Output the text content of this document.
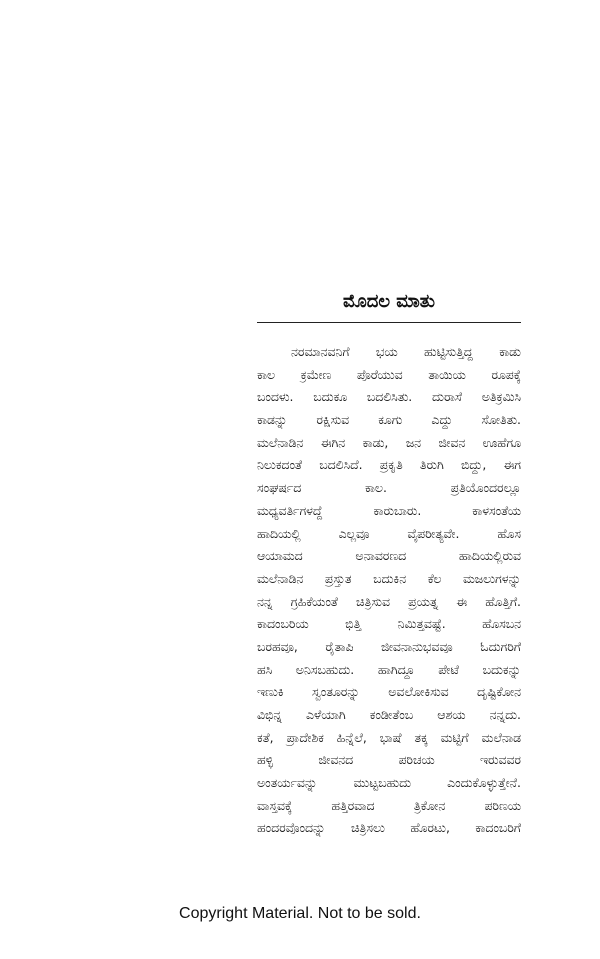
ಮೊದಲ ಮಾತು
ನರಮಾನವನಿಗೆ ಭಯ ಹುಟ್ಟಿಸುತ್ತಿದ್ದ ಕಾಡು
ಕಾಲ ಕ್ರಮೇಣ ಪೊರೆಯುವ ತಾಯಿಯ ರೂಪಕ್ಕೆ
ಬಂದಳು. ಬದುಕೂ ಬದಲಿಸಿತು. ದುರಾಸೆ ಅತಿಕ್ರಮಿಸಿ
ಕಾಡನ್ನು ರಕ್ಷಿಸುವ ಕೂಗು ಎದ್ದು ಸೋತಿತು.
ಮಲೆನಾಡಿನ ಈಗಿನ ಕಾಡು, ಜನ ಜೀವನ ಊಹೆಗೂ
ನಿಲುಕದಂತೆ ಬದಲಿಸಿದೆ. ಪ್ರಕೃತಿ ತಿರುಗಿ ಬಿದ್ದು, ಈಗ
ಸಂಘರ್ಷದ ಕಾಲ. ಪ್ರತಿಯೊಂದರಲ್ಲೂ
ಮಧ್ಯವರ್ತಿಗಳದ್ದೆ ಕಾರುಬಾರು. ಕಾಳಸಂತೆಯ
ಹಾದಿಯಲ್ಲಿ ಎಲ್ಲವೂ ವೈಪರೀತ್ಯವೇ. ಹೊಸ
ಆಯಾಮದ ಅನಾವರಣದ ಹಾದಿಯಲ್ಲಿರುವ
ಮಲೆನಾಡಿನ ಪ್ರಸ್ತುತ ಬದುಕಿನ ಕೆಲ ಮಜಲುಗಳನ್ನು
ನನ್ನ ಗ್ರಹಿಕೆಯಂತೆ ಚಿತ್ರಿಸುವ ಪ್ರಯತ್ನ ಈ ಹೊತ್ತಿಗೆ.
ಕಾದಂಬರಿಯ ಭಿತ್ತಿ ನಿಮಿತ್ತವಷ್ಟೆ. ಹೊಸಬನ
ಬರಹವೂ, ರೈತಾಪಿ ಜೀವನಾನುಭವವೂ ಓದುಗರಿಗೆ
ಹಸಿ ಅನಿಸಬಹುದು. ಹಾಗಿದ್ದೂ ಪೇಟೆ ಬದುಕನ್ನು
ಇಣುಕಿ ಸ್ವಂತೂರನ್ನು ಅವಲೋಕಿಸುವ ದೃಷ್ಟಿಕೋನ
ವಿಭಿನ್ನ ಎಳೆಯಾಗಿ ಕಂಡೀತೆಂಬ ಆಶಯ ನನ್ನದು.
ಕತೆ, ಪ್ರಾದೇಶಿಕ ಹಿನ್ನೆಲೆ, ಭಾಷೆ ತಕ್ಕ ಮಟ್ಟಿಗೆ ಮಲೆನಾಡ
ಹಳ್ಳಿ ಜೀವನದ ಪರಿಚಯ ಇರುವವರ
ಅಂತರ್ಯವನ್ನು ಮುಟ್ಟಬಹುದು ಎಂದುಕೊಳ್ಳುತ್ತೇನೆ.
ವಾಸ್ತವಕ್ಕೆ ಹತ್ತಿರವಾದ ತ್ರಿಕೋನ ಪರಿಣಯ
ಹಂದರವೊಂದನ್ನು ಚಿತ್ರಿಸಲು ಹೊರಟು, ಕಾದಂಬರಿಗೆ

Copyright Material. Not to be sold.
